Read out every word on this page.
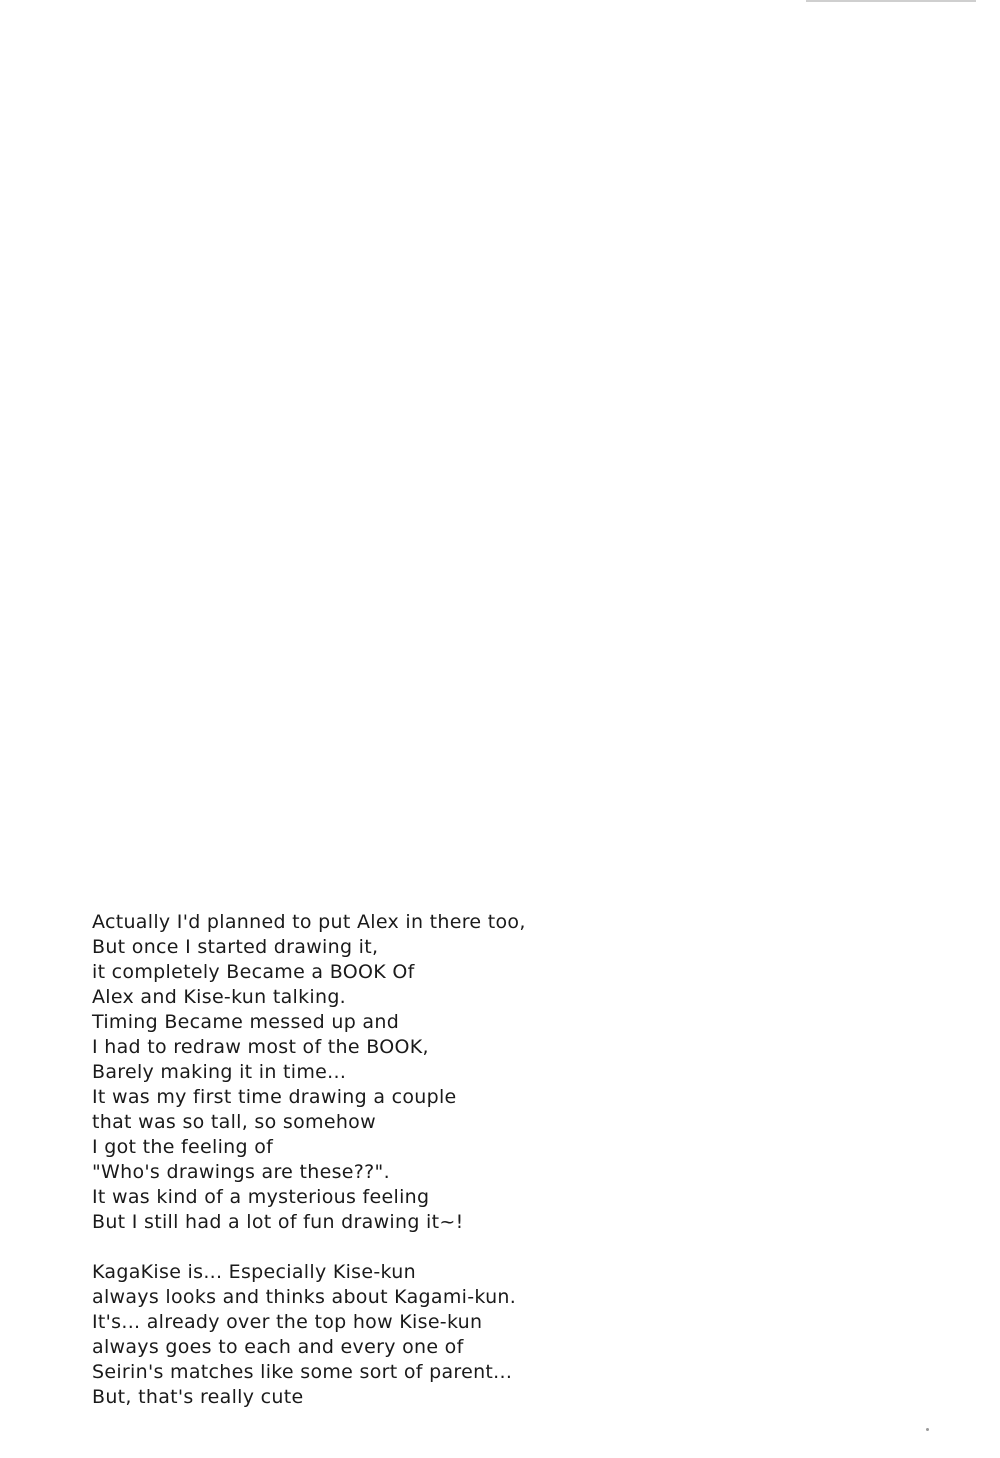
Actually I'd planned to put Alex in there too,
But once I started drawing it,
it completely Became a BOOK Of
Alex and Kise-kun talking.
Timing Became messed up and
I had to redraw most of the BOOK,
Barely making it in time...
It was my first time drawing a couple
that was so tall, so somehow
I got the feeling of
"Who's drawings are these??".
It was kind of a mysterious feeling
But I still had a lot of fun drawing it~!

KagaKise is... Especially Kise-kun
always looks and thinks about Kagami-kun.
It's... already over the top how Kise-kun
always goes to each and every one of
Seirin's matches like some sort of parent...
But, that's really cute
